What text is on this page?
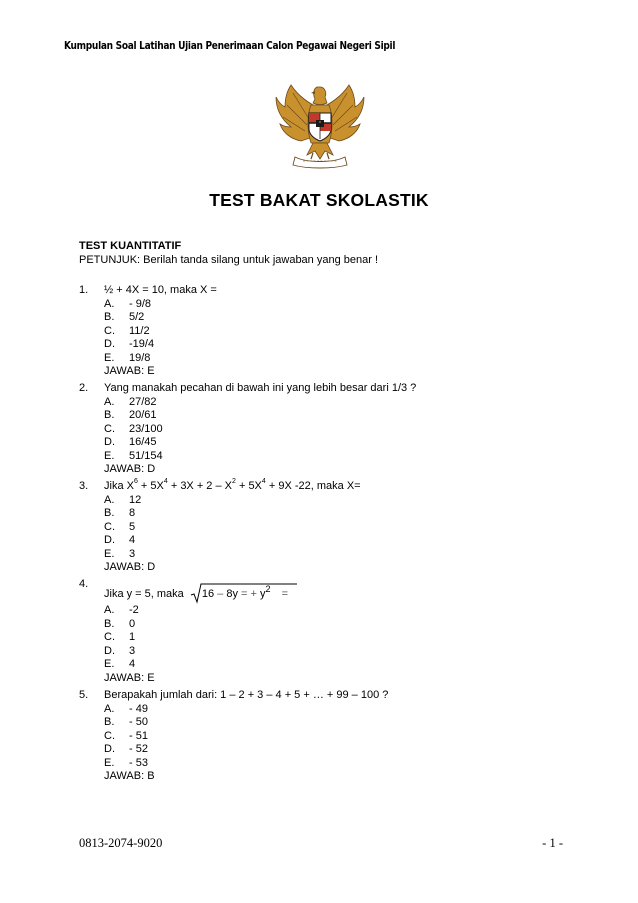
Kumpulan Soal Latihan Ujian Penerimaan Calon Pegawai Negeri Sipil
TEST BAKAT SKOLASTIK
TEST KUANTITATIF
PETUNJUK: Berilah tanda silang untuk jawaban yang benar !
1. ½ + 4X = 10, maka X =
A. - 9/8
B. 5/2
C. 11/2
D. -19/4
E. 19/8
JAWAB: E
2. Yang manakah pecahan di bawah ini yang lebih besar dari 1/3 ?
A. 27/82
B. 20/61
C. 23/100
D. 16/45
E. 51/154
JAWAB: D
3. Jika $X^6 + 5X^4 + 3X + 2 - X^2 + 5X^4 + 9X$ -22, maka X=
A. 12
B. 8
C. 5
D. 4
E. 3
JAWAB: D
4.
Jika y = 5, maka 16 – 8y = + $y^2$ =
A. -2
B. 0
C. 1
D. 3
E. 4
JAWAB: E
5. Berapakah jumlah dari: 1 – 2 + 3 – 4 + 5 + … + 99 – 100 ?
A. - 49
B. - 50
C. - 51
D. - 52
E. - 53
JAWAB: B
0813-2074-9020	- 1 -
